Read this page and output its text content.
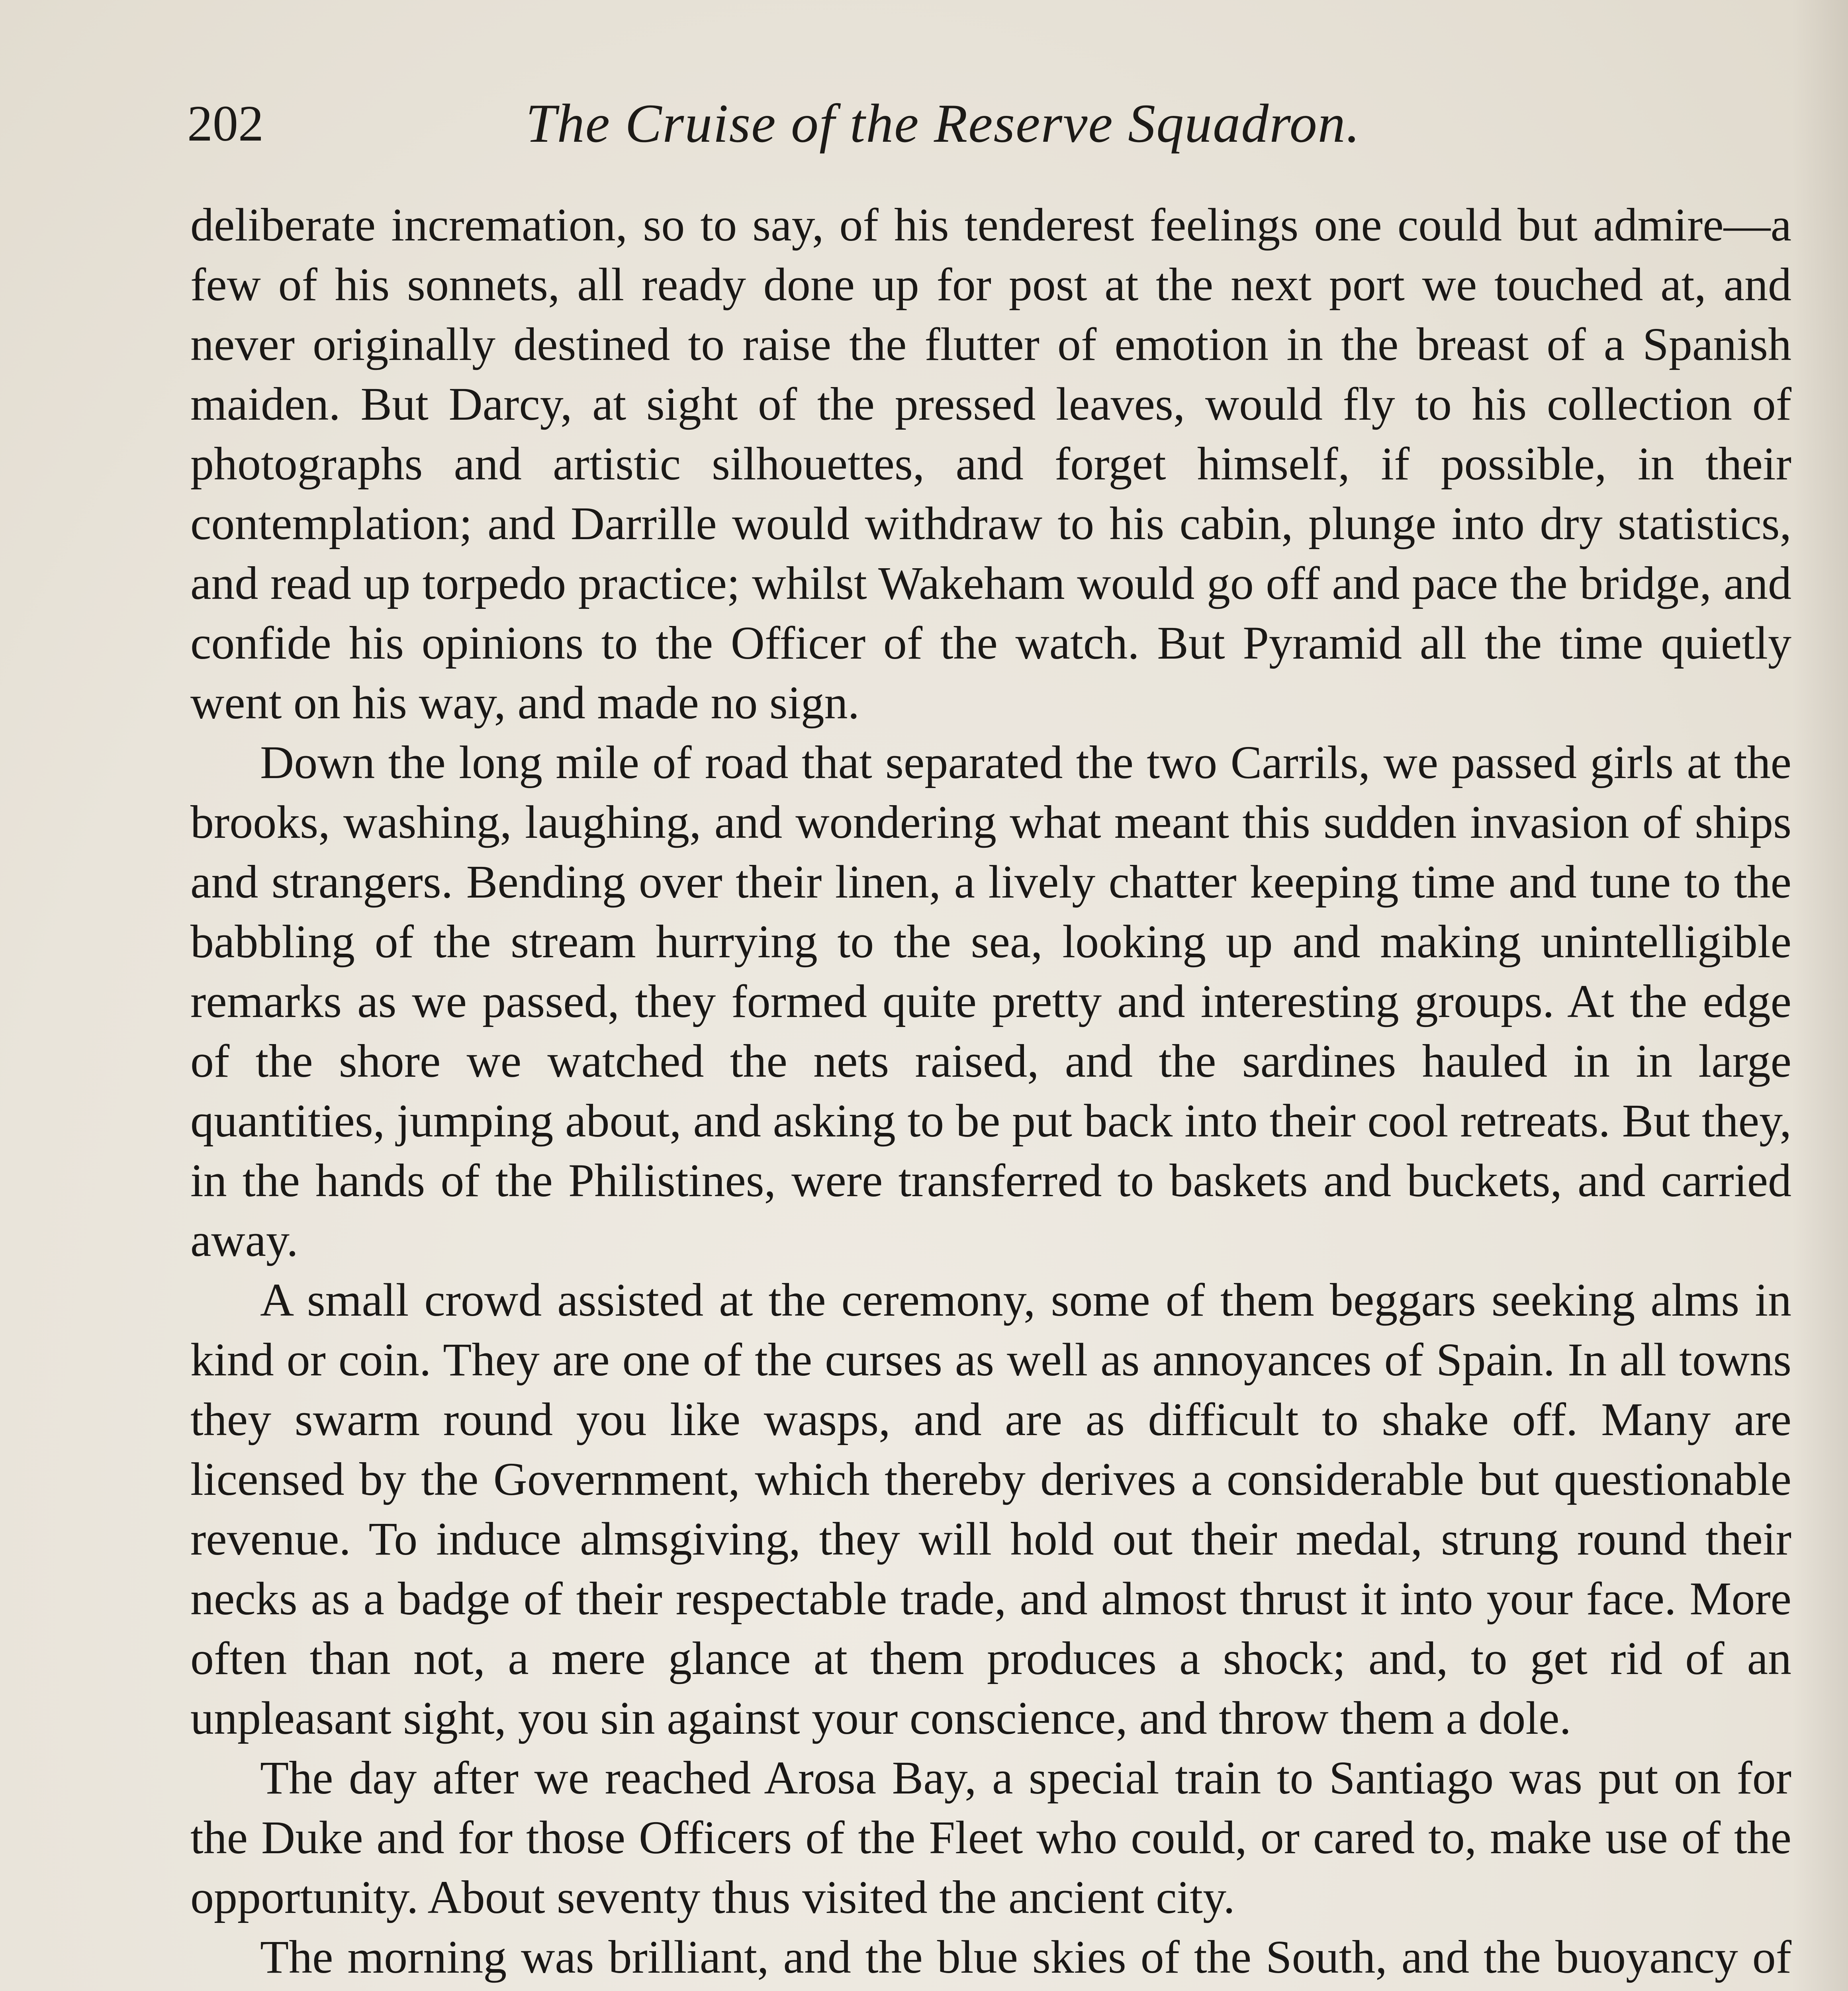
202	The Cruise of the Reserve Squadron.

deliberate incremation, so to say, of his tenderest feelings one could but admire—a few of his sonnets, all ready done up for post at the next port we touched at, and never originally destined to raise the flutter of emotion in the breast of a Spanish maiden. But Darcy, at sight of the pressed leaves, would fly to his collection of photographs and artistic silhouettes, and forget himself, if possible, in their contemplation; and Darrille would withdraw to his cabin, plunge into dry statistics, and read up torpedo practice; whilst Wakeham would go off and pace the bridge, and confide his opinions to the Officer of the watch. But Pyramid all the time quietly went on his way, and made no sign.

Down the long mile of road that separated the two Carrils, we passed girls at the brooks, washing, laughing, and wondering what meant this sudden invasion of ships and strangers. Bending over their linen, a lively chatter keeping time and tune to the babbling of the stream hurrying to the sea, looking up and making unintelligible remarks as we passed, they formed quite pretty and interesting groups. At the edge of the shore we watched the nets raised, and the sardines hauled in in large quantities, jumping about, and asking to be put back into their cool retreats. But they, in the hands of the Philistines, were transferred to baskets and buckets, and carried away.

A small crowd assisted at the ceremony, some of them beggars seeking alms in kind or coin. They are one of the curses as well as annoyances of Spain. In all towns they swarm round you like wasps, and are as difficult to shake off. Many are licensed by the Government, which thereby derives a considerable but questionable revenue. To induce almsgiving, they will hold out their medal, strung round their necks as a badge of their respectable trade, and almost thrust it into your face. More often than not, a mere glance at them produces a shock; and, to get rid of an unpleasant sight, you sin against your conscience, and throw them a dole.

The day after we reached Arosa Bay, a special train to Santiago was put on for the Duke and for those Officers of the Fleet who could, or cared to, make use of the opportunity. About seventy thus visited the ancient city.

The morning was brilliant, and the blue skies of the South, and the buoyancy of
